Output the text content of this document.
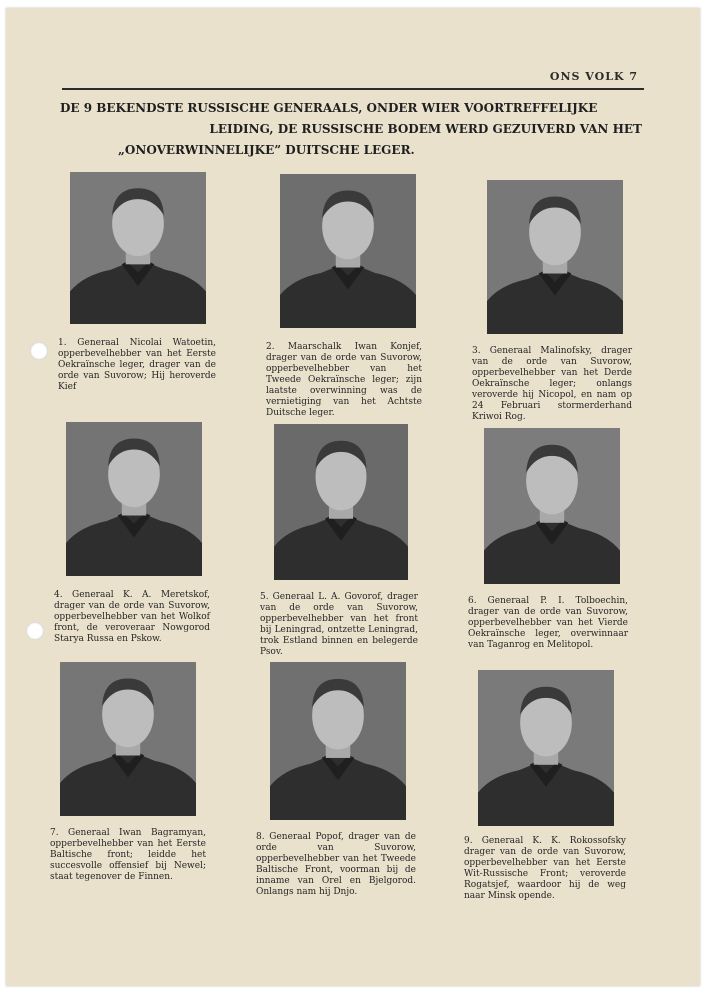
ONS VOLK 7
DE 9 BEKENDSTE RUSSISCHE GENERAALS, ONDER WIER VOORTREFFELIJKE
LEIDING, DE RUSSISCHE BODEM WERD GEZUIVERD VAN HET
„ONOVERWINNELIJKE” DUITSCHE LEGER.
1. Generaal Nicolai Watoetin, opperbevelhebber van het Eerste Oekraïnsche leger, drager van de orde van Suvorow; Hij heroverde Kief
2. Maarschalk Iwan Konjef, drager van de orde van Suvorow, opperbevelhebber van het Tweede Oekraïnsche leger; zijn laatste overwinning was de vernietiging van het Achtste Duitsche leger.
3. Generaal Malinofsky, drager van de orde van Suvorow, opperbevelhebber van het Derde Oekraïnsche leger; onlangs veroverde hij Nicopol, en nam op 24 Februari stormerderhand Kriwoi Rog.
4. Generaal K. A. Meretskof, drager van de orde van Suvorow, opperbevelhebber van het Wolkof front, de veroveraar Nowgorod Starya Russa en Pskow.
5. Generaal L. A. Govorof, drager van de orde van Suvorow, opperbevelhebber van het front bij Leningrad, ontzette Leningrad, trok Estland binnen en belegerde Psov.
6. Generaal P. I. Tolboechin, drager van de orde van Suvorow, opperbevelhebber van het Vierde Oekraïnsche leger, overwinnaar van Taganrog en Melitopol.
7. Generaal Iwan Bagramyan, opperbevelhebber van het Eerste Baltische front; leidde het succesvolle offensief bij Newel; staat tegenover de Finnen.
8. Generaal Popof, drager van de orde van Suvorow, opperbevelhebber van het Tweede Baltische Front, voorman bij de inname van Orel en Bjelgorod. Onlangs nam hij Dnjo.
9. Generaal K. K. Rokossofsky drager van de orde van Suvorow, opperbevelhebber van het Eerste Wit-Russische Front; veroverde Rogatsjef, waardoor hij de weg naar Minsk opende.
